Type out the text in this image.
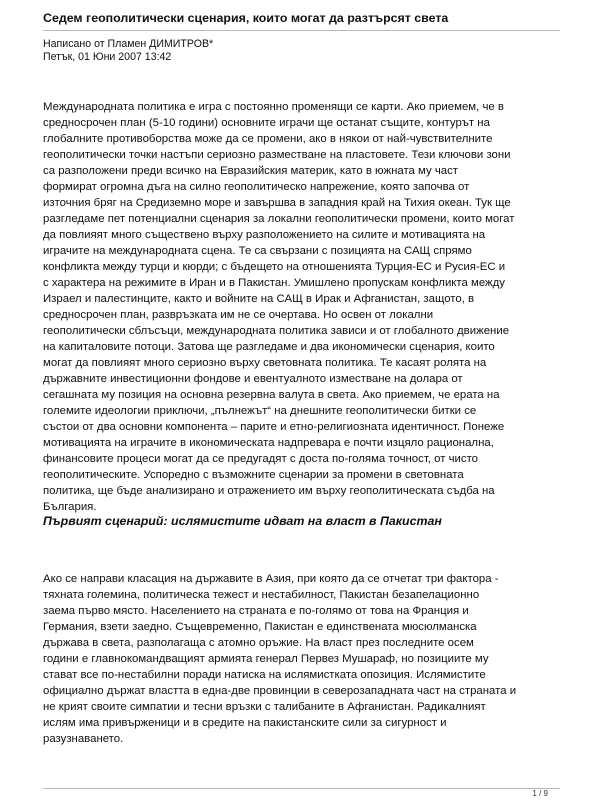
Седем геополитически сценария, които могат да разтърсят света
Написано от Пламен ДИМИТРОВ*
Петък, 01 Юни 2007 13:42
Международната политика е игра с постоянно променящи се карти. Ако приемем, че в
средносрочен план (5-10 години) основните играчи ще останат същите, контурът на
глобалните противоборства може да се промени, ако в някои от най-чувствителните
геополитически точки настъпи сериозно разместване на пластовете. Тези ключови зони
са разположени преди всичко на Евразийския материк, като в южната му част
формират огромна дъга на силно геополитическо напрежение, която започва от
източния бряг на Средиземно море и завършва в западния край на Тихия океан. Тук ще
разгледаме пет потенциални сценария за локални геополитически промени, които могат
да повлияят много съществено върху разположението на силите и мотивацията на
играчите на международната сцена. Те са свързани с позицията на САЩ спрямо
конфликта между турци и кюрди; с бъдещето на отношенията Турция-ЕС и Русия-ЕС и
с характера на режимите в Иран и в Пакистан. Умишлено пропускам конфликта между
Израел и палестинците, както и войните на САЩ в Ирак и Афганистан, защото, в
средносрочен план, развръзката им не се очертава. Но освен от локални
геополитически сблъсъци, международната политика зависи и от глобалното движение
на капиталовите потоци. Затова ще разгледаме и два икономически сценария, които
могат да повлияят много сериозно върху световната политика. Те касаят ролята на
държавните инвестиционни фондове и евентуалното изместване на долара от
сегашната му позиция на основна резервна валута в света. Ако приемем, че ерата на
големите идеологии приключи, „пълнежът“ на днешните геополитически битки се
състои от два основни компонента – парите и етно-религиозната идентичност. Понеже
мотивацията на играчите в икономическата надпревара е почти изцяло рационална,
финансовите процеси могат да се предугадят с доста по-голяма точност, от чисто
геополитическите. Успоредно с възможните сценарии за промени в световната
политика, ще бъде анализирано и отражението им върху геополитическата съдба на
България.
Първият сценарий: ислямистите идват на власт в Пакистан
Ако се направи класация на държавите в Азия, при която да се отчетат три фактора -
тяхната големина, политическа тежест и нестабилност, Пакистан безапелационно
заема първо място. Населението на страната е по-голямо от това на Франция и
Германия, взети заедно. Същевременно, Пакистан е единствената мюсюлманска
държава в света, разполагаща с атомно оръжие. На власт през последните осем
години е главнокомандващият армията генерал Первез Мушараф, но позициите му
стават все по-нестабилни поради натиска на ислямистката опозиция. Ислямистите
официално държат властта в една-две провинции в северозападната част на страната и
не крият своите симпатии и тесни връзки с талибаните в Афганистан. Радикалният
ислям има привърженици и в средите на пакистанските сили за сигурност и
разузнаването.
1 / 9
